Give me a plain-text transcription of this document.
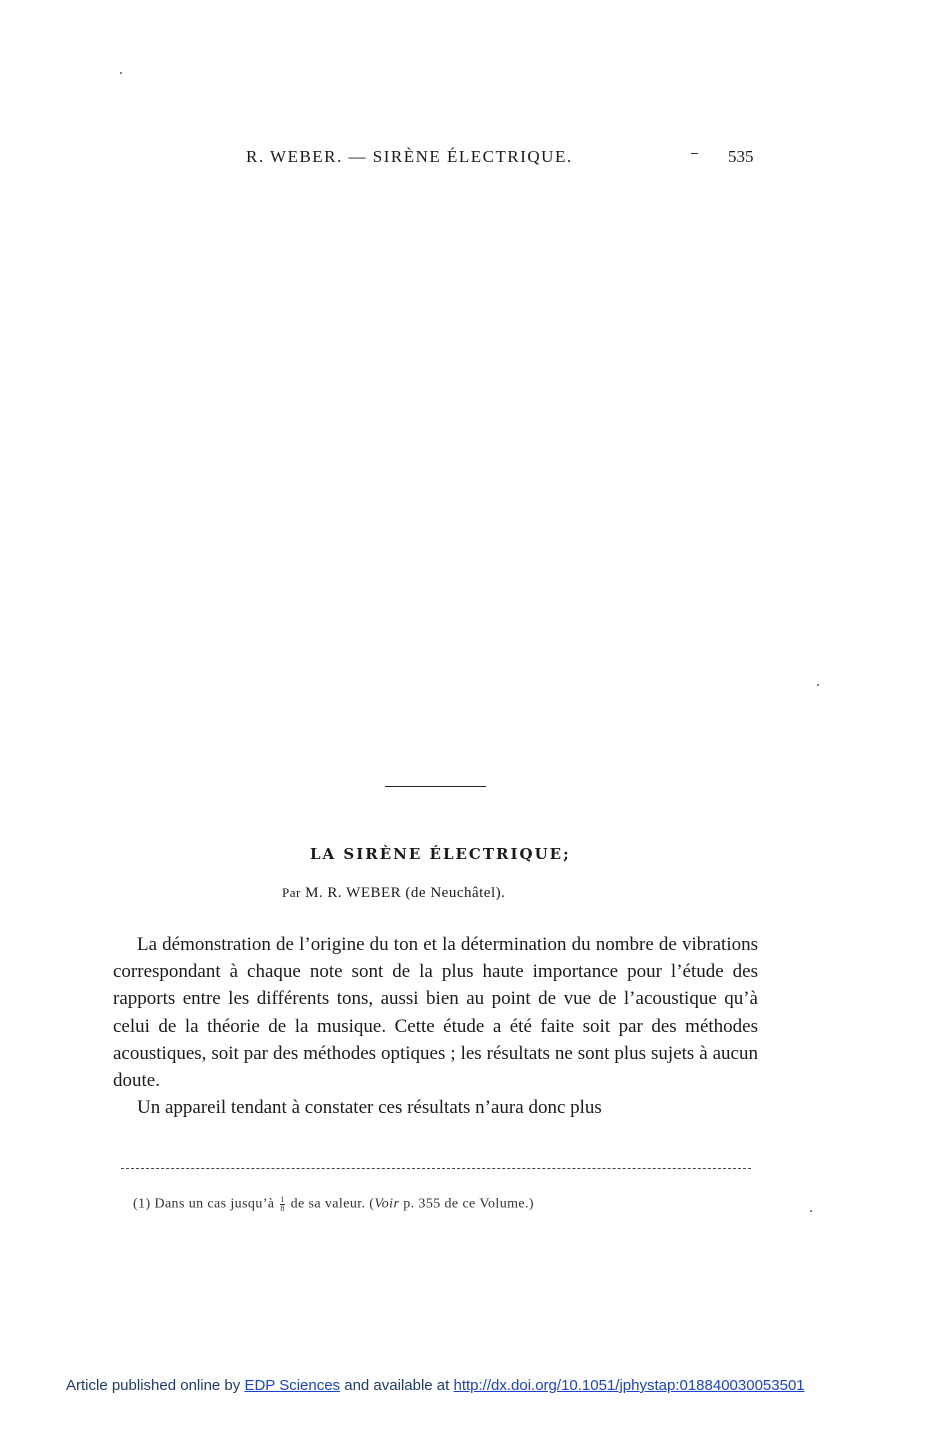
R. WEBER. — SIRÈNE ÉLECTRIQUE.	535
LA SIRÈNE ÉLECTRIQUE;
Par M. R. WEBER (de Neuchâtel).

La démonstration de l’origine du ton et la détermination du nombre de vibrations correspondant à chaque note sont de la plus haute importance pour l’étude des rapports entre les différents tons, aussi bien au point de vue de l’acoustique qu’à celui de la théorie de la musique. Cette étude a été faite soit par des méthodes acoustiques, soit par des méthodes optiques ; les résultats ne sont plus sujets à aucun doute.

Un appareil tendant à constater ces résultats n’aura donc plus

(1) Dans un cas jusqu’à $\frac{1}{8}$ de sa valeur. (Voir p. 355 de ce Volume.)
Article published online by EDP Sciences and available at http://dx.doi.org/10.1051/jphystap:018840030053501
